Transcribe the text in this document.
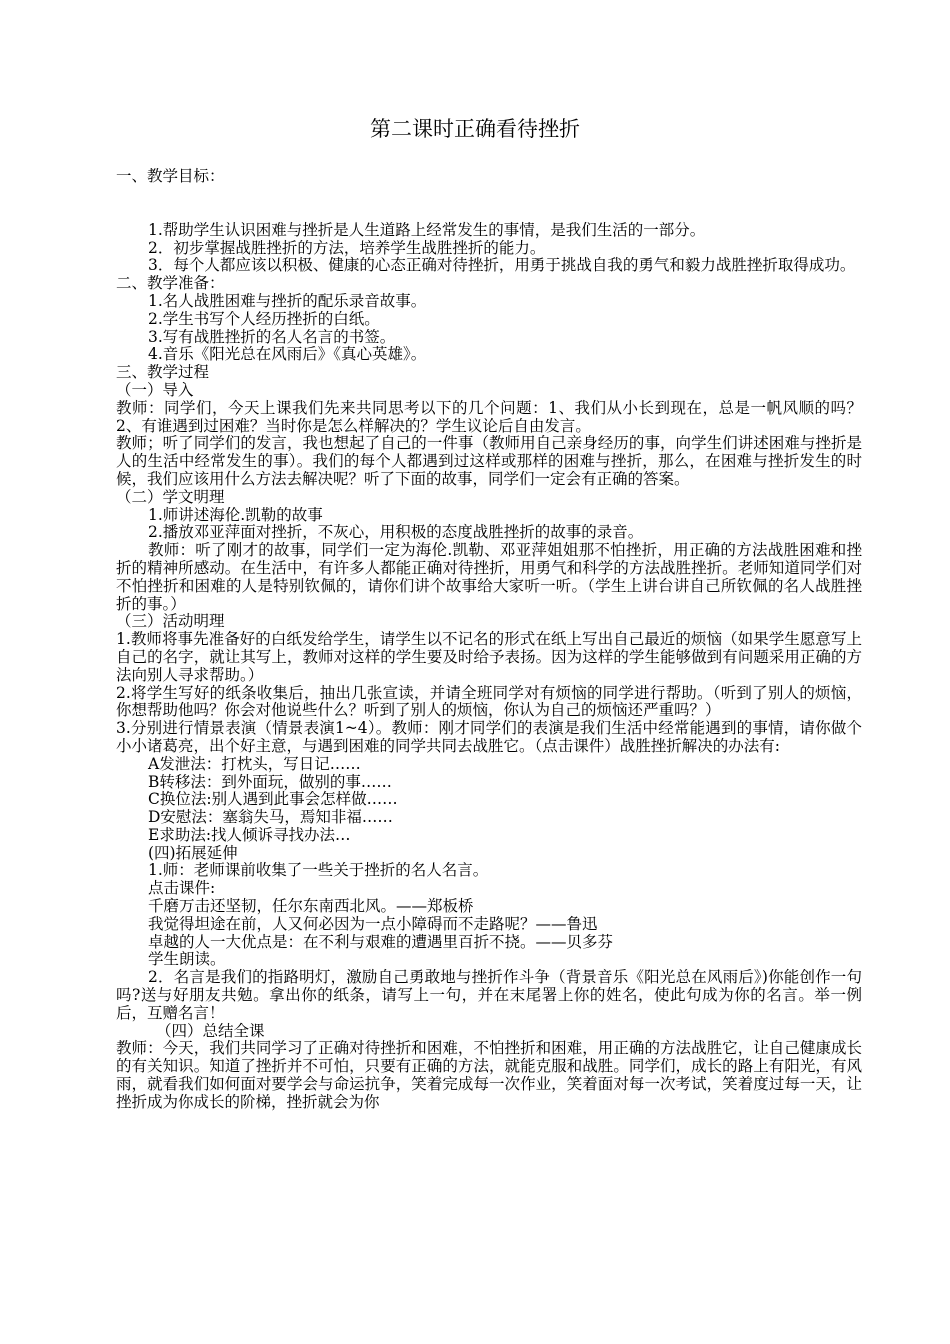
第二课时正确看待挫折

一、教学目标：

1.帮助学生认识困难与挫折是人生道路上经常发生的事情，是我们生活的一部分。

2．初步掌握战胜挫折的方法，培养学生战胜挫折的能力。

3．每个人都应该以积极、健康的心态正确对待挫折，用勇于挑战自我的勇气和毅力战胜挫折取得成功。

二、教学准备：

1.名人战胜困难与挫折的配乐录音故事。

2.学生书写个人经历挫折的白纸。

3.写有战胜挫折的名人名言的书签。

4.音乐《阳光总在风雨后》《真心英雄》。

三、教学过程

（一）导入

教师：同学们，今天上课我们先来共同思考以下的几个问题：1、我们从小长到现在，总是一帆风顺的吗？2、有谁遇到过困难？当时你是怎么样解决的？学生议论后自由发言。

教师；听了同学们的发言，我也想起了自己的一件事（教师用自己亲身经历的事，向学生们讲述困难与挫折是人的生活中经常发生的事）。我们的每个人都遇到过这样或那样的困难与挫折，那么，在困难与挫折发生的时候，我们应该用什么方法去解决呢？听了下面的故事，同学们一定会有正确的答案。

（二）学文明理

1.师讲述海伦.凯勒的故事

2.播放邓亚萍面对挫折，不灰心，用积极的态度战胜挫折的故事的录音。

教师：听了刚才的故事，同学们一定为海伦.凯勒、邓亚萍姐姐那不怕挫折，用正确的方法战胜困难和挫折的精神所感动。在生活中，有许多人都能正确对待挫折，用勇气和科学的方法战胜挫折。老师知道同学们对不怕挫折和困难的人是特别钦佩的，请你们讲个故事给大家听一听。（学生上讲台讲自己所钦佩的名人战胜挫折的事。）

（三）活动明理

1.教师将事先准备好的白纸发给学生，请学生以不记名的形式在纸上写出自己最近的烦恼（如果学生愿意写上自己的名字，就让其写上，教师对这样的学生要及时给予表扬。因为这样的学生能够做到有问题采用正确的方法向别人寻求帮助。）

2.将学生写好的纸条收集后，抽出几张宣读，并请全班同学对有烦恼的同学进行帮助。（听到了别人的烦恼，你想帮助他吗？你会对他说些什么？听到了别人的烦恼，你认为自己的烦恼还严重吗？）

3.分别进行情景表演（情景表演1~4）。教师：刚才同学们的表演是我们生活中经常能遇到的事情，请你做个小小诸葛亮，出个好主意，与遇到困难的同学共同去战胜它。（点击课件）战胜挫折解决的办法有:

A发泄法：打枕头，写日记……

B转移法：到外面玩，做别的事……

C换位法:别人遇到此事会怎样做……

D安慰法：塞翁失马，焉知非福……

E求助法:找人倾诉寻找办法…

(四)拓展延伸

1.师：老师课前收集了一些关于挫折的名人名言。

点击课件:

千磨万击还坚韧，任尔东南西北风。——郑板桥

我觉得坦途在前，人又何必因为一点小障碍而不走路呢？——鲁迅

卓越的人一大优点是：在不利与艰难的遭遇里百折不挠。——贝多芬

学生朗读。

2．名言是我们的指路明灯，激励自己勇敢地与挫折作斗争（背景音乐《阳光总在风雨后》)你能创作一句吗?送与好朋友共勉。拿出你的纸条，请写上一句，并在末尾署上你的姓名，使此句成为你的名言。举一例后，互赠名言！

（四）总结全课

教师：今天，我们共同学习了正确对待挫折和困难，不怕挫折和困难，用正确的方法战胜它，让自己健康成长的有关知识。知道了挫折并不可怕，只要有正确的方法，就能克服和战胜。同学们，成长的路上有阳光，有风雨，就看我们如何面对要学会与命运抗争，笑着完成每一次作业，笑着面对每一次考试，笑着度过每一天，让挫折成为你成长的阶梯，挫折就会为你
